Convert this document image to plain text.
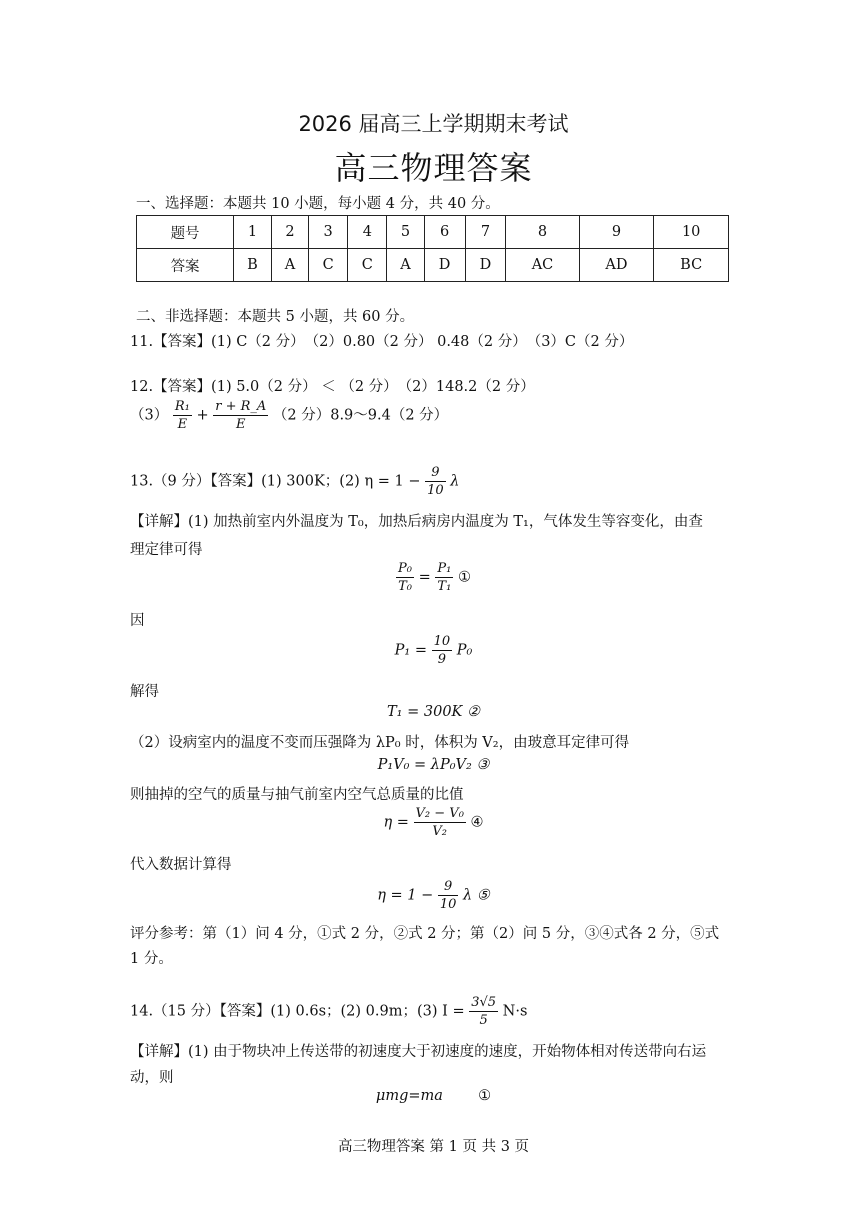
2026 届高三上学期期末考试
高三物理答案
一、选择题：本题共 10 小题，每小题 4 分，共 40 分。
题号	1	2	3	4	5	6	7	8	9	10
答案	B	A	C	C	A	D	D	AC	AD	BC
二、非选择题：本题共 5 小题，共 60 分。
11.【答案】(1) C（2 分）　（2）0.80（2 分） 0.48（2 分）　（3）C（2 分）
12.【答案】(1) 5.0（2 分） ＜ （2 分）　（2）148.2（2 分）
$(3) \frac{\text{R₁}}{E} + \frac{r + R\_A}{E} (2$ 分）8.9～9.4（2 分）
13.（9 分）【答案】(1) 300K；(2) $\eta = 1 - \frac{9}{10}$ λ
【详解】(1) 加热前室内外温度为 T₀，加热后病房内温度为 T₁，气体发生等容变化，由查
理定律可得
$\frac{\text{P₀}}{\text{T₀}} = \frac{\text{P₁}}{\text{T₁}}$ ①
因
$P_1 = \frac{10}{9} P_0$
解得
T₁ = 300K ②
（2）设病室内的温度不变而压强降为 λP₀ 时，体积为 V₂，由玻意耳定律可得
P₁V₀ = λP₀V₂ ③
则抽掉的空气的质量与抽气前室内空气总质量的比值
$\eta = \frac{\text{V₂ − V₀}}{\text{V₂}}$ ④
代入数据计算得
$\eta = 1 - \frac{9}{10}$ λ ⑤
评分参考：第（1）问 4 分，①式 2 分，②式 2 分；第（2）问 5 分，③④式各 2 分，⑤式
1 分。
14.（15 分）【答案】(1) 0.6s；(2) 0.9m；(3) $I = \frac{3√5}{5} N\cdot s$
【详解】(1) 由于物块冲上传送带的初速度大于初速度的速度，开始物体相对传送带向右运
动，则
μmg=ma ①
高三物理答案 第 1 页 共 3 页
